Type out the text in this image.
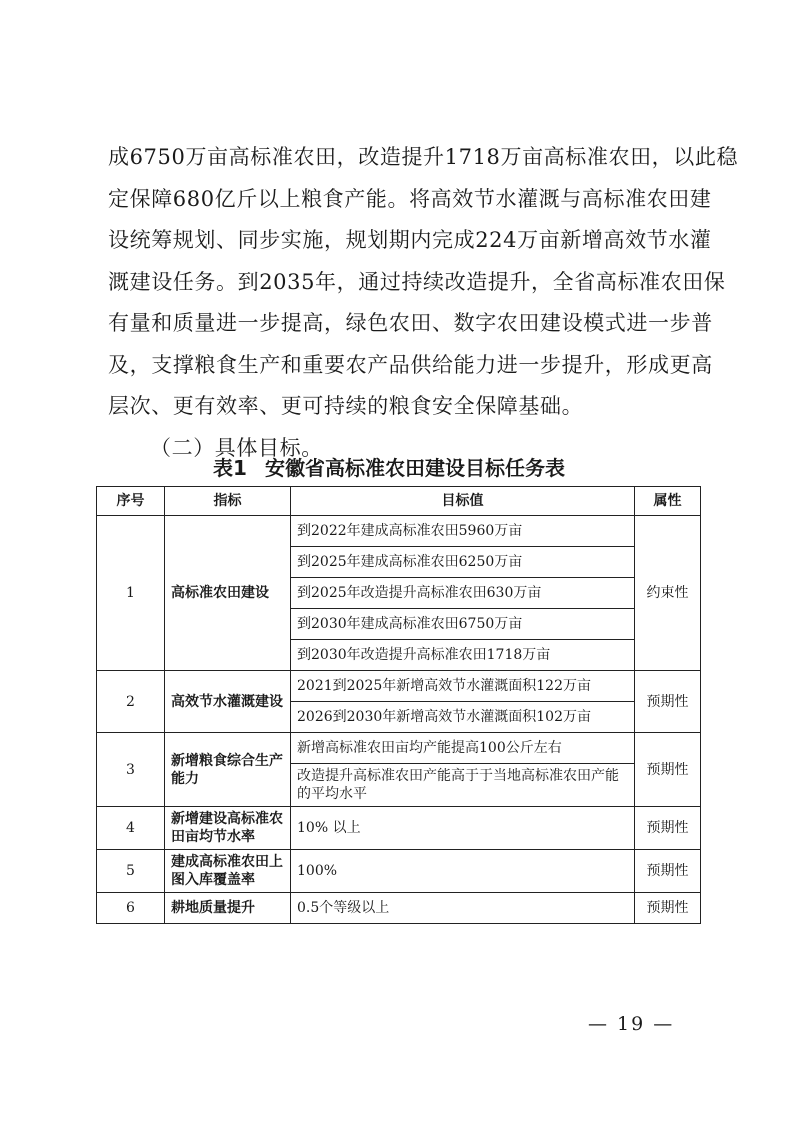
成6750万亩高标准农田，改造提升1718万亩高标准农田，以此稳

定保障680亿斤以上粮食产能。将高效节水灌溉与高标准农田建

设统筹规划、同步实施，规划期内完成224万亩新增高效节水灌

溉建设任务。到2035年，通过持续改造提升，全省高标准农田保

有量和质量进一步提高，绿色农田、数字农田建设模式进一步普

及，支撑粮食生产和重要农产品供给能力进一步提升，形成更高

层次、更有效率、更可持续的粮食安全保障基础。

（二）具体目标。

表1 安徽省高标准农田建设目标任务表
序号	指标	目标值	属性
1	高标准农田建设	到2022年建成高标准农田5960万亩	约束性
		到2025年建成高标准农田6250万亩	
		到2025年改造提升高标准农田630万亩	
		到2030年建成高标准农田6750万亩	
		到2030年改造提升高标准农田1718万亩	
2	高效节水灌溉建设	2021到2025年新增高效节水灌溉面积122万亩	预期性
		2026到2030年新增高效节水灌溉面积102万亩	
3	新增粮食综合生产能力	新增高标准农田亩均产能提高100公斤左右	预期性
		改造提升高标准农田产能高于于当地高标准农田产能的平均水平	
4	新增建设高标准农田亩均节水率	10% 以上	预期性
5	建成高标准农田上图入库覆盖率	100%	预期性
6	耕地质量提升	0.5个等级以上	预期性
— 19 —
